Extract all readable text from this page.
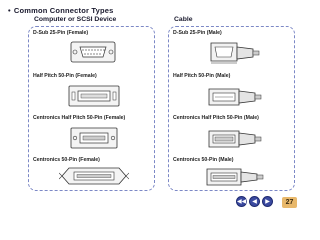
• Common Connector Types
Computer or SCSI Device	Cable
D-Sub 25-Pin (Female)
Half Pitch 50-Pin (Female)
Centronics Half Pitch 50-Pin (Female)
Centronics 50-Pin (Female)
D-Sub 25-Pin (Male)
Half Pitch 50-Pin (Male)
Centronics Half Pitch 50-Pin (Male)
Centronics 50-Pin (Male)
◀◀ ◀	▶	27
